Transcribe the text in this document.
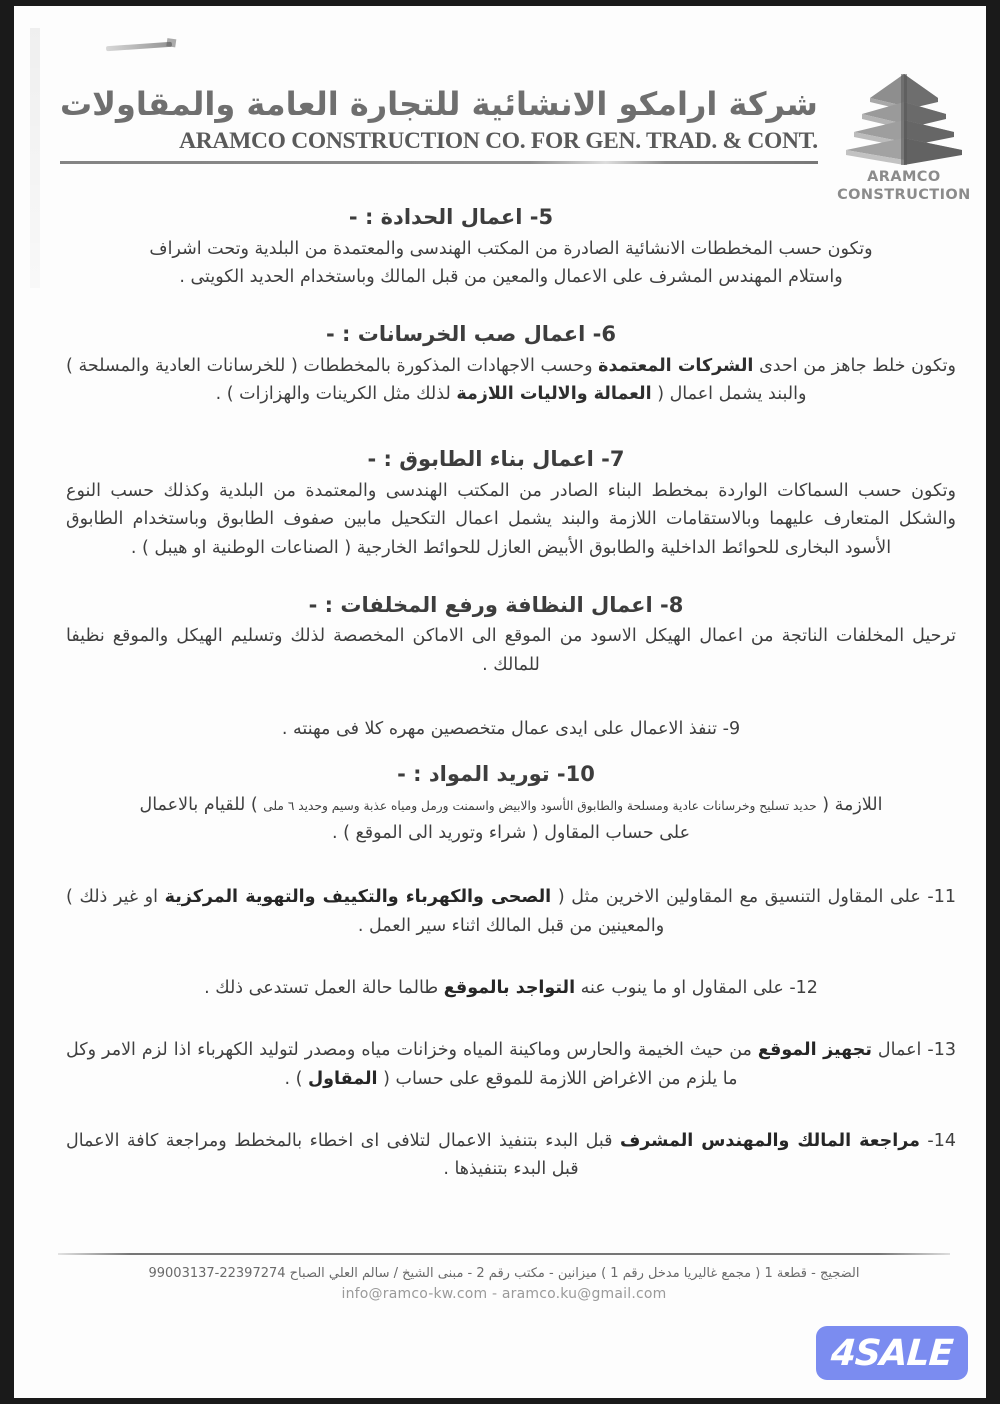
شركة ارامكو الانشائية للتجارة العامة والمقاولات
ARAMCO CONSTRUCTION CO. FOR GEN. TRAD. & CONT.
ARAMCO
CONSTRUCTION
5- اعمال الحدادة : -
وتكون حسب المخططات الانشائية الصادرة من المكتب الهندسى والمعتمدة من البلدية وتحت اشراف
واستلام المهندس المشرف على الاعمال والمعين من قبل المالك وباستخدام الحديد الكويتى .
6- اعمال صب الخرسانات : -
وتكون خلط جاهز من احدى الشركات المعتمدة وحسب الاجهادات المذكورة بالمخططات ( للخرسانات العادية والمسلحة ) والبند يشمل اعمال ( العمالة والاليات اللازمة لذلك مثل الكرينات والهزازات ) .
7- اعمال بناء الطابوق : -
وتكون حسب السماكات الواردة بمخطط البناء الصادر من المكتب الهندسى والمعتمدة من البلدية وكذلك حسب النوع والشكل المتعارف عليهما وبالاستقامات اللازمة والبند يشمل اعمال التكحيل مابين صفوف الطابوق وباستخدام الطابوق الأسود البخارى للحوائط الداخلية والطابوق الأبيض العازل للحوائط الخارجية ( الصناعات الوطنية او هيبل ) .
8- اعمال النظافة ورفع المخلفات : -
ترحيل المخلفات الناتجة من اعمال الهيكل الاسود من الموقع الى الاماكن المخصصة لذلك وتسليم الهيكل والموقع نظيفا للمالك .
9- تنفذ الاعمال على ايدى عمال متخصصين مهره كلا فى مهنته .
10- توريد المواد : -
اللازمة ( حديد تسليح وخرسانات عادية ومسلحة والطابوق الأسود والابيض واسمنت ورمل ومياه عذبة وسيم وحديد ٦ ملى ) للقيام بالاعمال
على حساب المقاول ( شراء وتوريد الى الموقع ) .
11- على المقاول التنسيق مع المقاولين الاخرين مثل ( الصحى والكهرباء والتكييف والتهوية المركزية او غير ذلك ) والمعينين من قبل المالك اثناء سير العمل .
12- على المقاول او ما ينوب عنه التواجد بالموقع طالما حالة العمل تستدعى ذلك .
13- اعمال تجهيز الموقع من حيث الخيمة والحارس وماكينة المياه وخزانات مياه ومصدر لتوليد الكهرباء اذا لزم الامر وكل ما يلزم من الاغراض اللازمة للموقع على حساب ( المقاول ) .
14- مراجعة المالك والمهندس المشرف قبل البدء بتنفيذ الاعمال لتلافى اى اخطاء بالمخطط ومراجعة كافة الاعمال قبل البدء بتنفيذها .
الضجيج - قطعة 1 ( مجمع غاليريا مدخل رقم 1 ) ميزانين - مكتب رقم 2 - مبنى الشيخ / سالم العلي الصباح 22397274-99003137
info@ramco-kw.com - aramco.ku@gmail.com
4SALE
